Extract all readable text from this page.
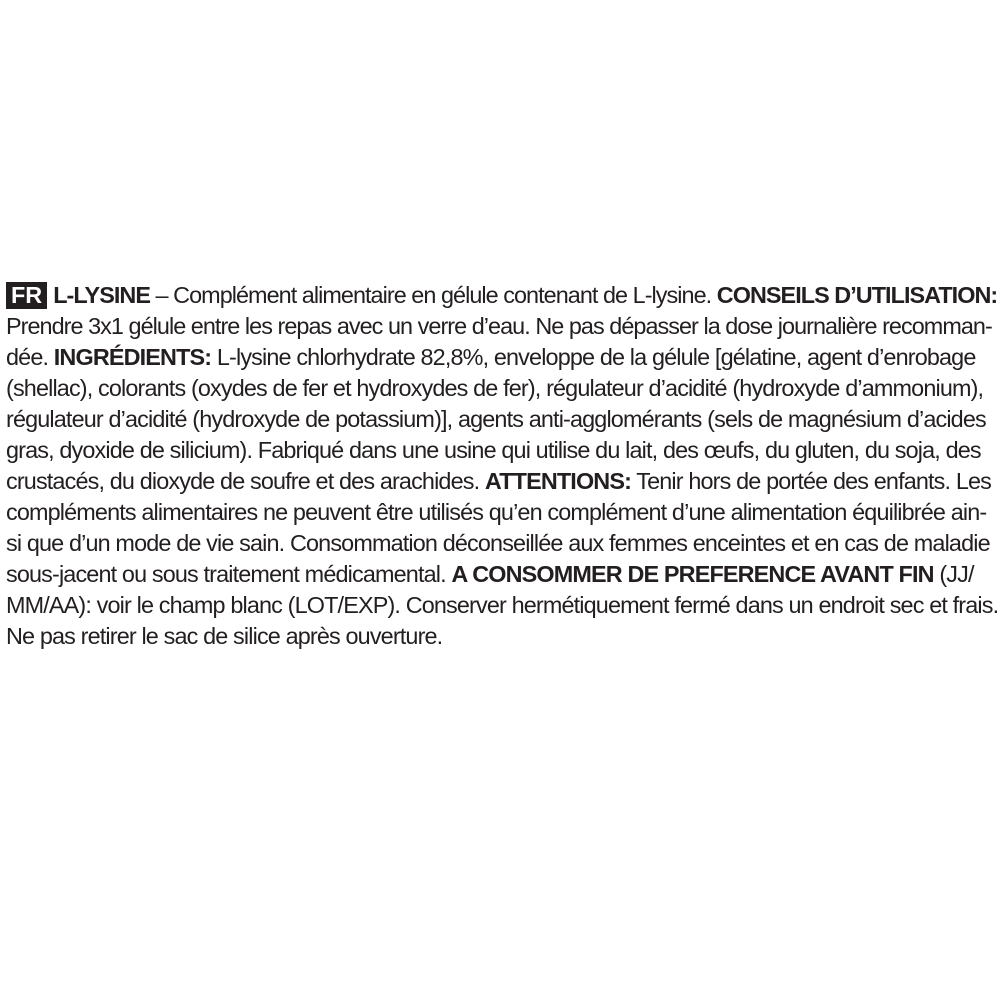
FR L-LYSINE – Complément alimentaire en gélule contenant de L-lysine. CONSEILS D’UTILISATION:
Prendre 3x1 gélule entre les repas avec un verre d’eau. Ne pas dépasser la dose journalière recomman-
dée. INGRÉDIENTS: L-lysine chlorhydrate 82,8%, enveloppe de la gélule [gélatine, agent d’enrobage
(shellac), colorants (oxydes de fer et hydroxydes de fer), régulateur d’acidité (hydroxyde d’ammonium),
régulateur d’acidité (hydroxyde de potassium)], agents anti-agglomérants (sels de magnésium d’acides
gras, dyoxide de silicium). Fabriqué dans une usine qui utilise du lait, des œufs, du gluten, du soja, des
crustacés, du dioxyde de soufre et des arachides. ATTENTIONS: Tenir hors de portée des enfants. Les
compléments alimentaires ne peuvent être utilisés qu’en complément d’une alimentation équilibrée ain-
si que d’un mode de vie sain. Consommation déconseillée aux femmes enceintes et en cas de maladie
sous-jacent ou sous traitement médicamental. A CONSOMMER DE PREFERENCE AVANT FIN (JJ/
MM/AA): voir le champ blanc (LOT/EXP). Conserver hermétiquement fermé dans un endroit sec et frais.
Ne pas retirer le sac de silice après ouverture.
